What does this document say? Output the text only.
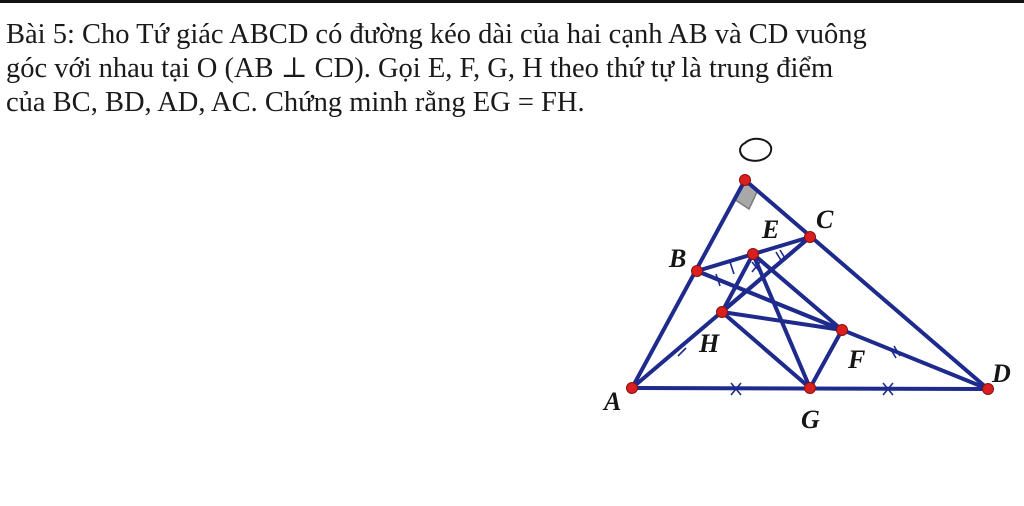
Bài 5: Cho Tứ giác ABCD có đường kéo dài của hai cạnh AB và CD vuông
góc với nhau tại O (AB ⊥ CD). Gọi E, F, G, H theo thứ tự là trung điểm
của BC, BD, AD, AC. Chứng minh rằng EG = FH.
A
B
C
D
E
F
G
H
